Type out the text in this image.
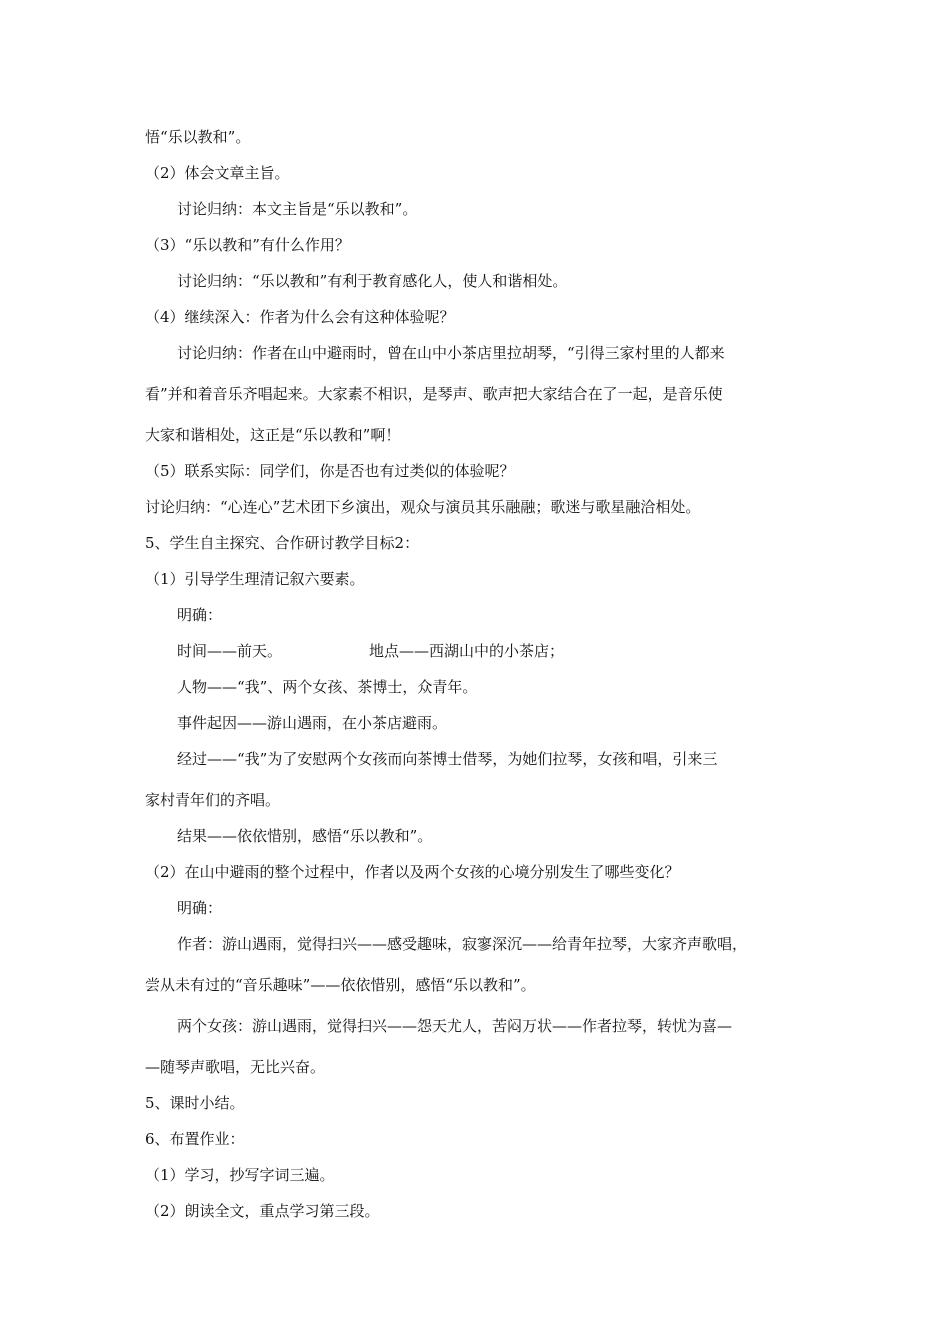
悟“乐以教和”。
（2）体会文章主旨。
讨论归纳：本文主旨是“乐以教和”。
（3）“乐以教和”有什么作用？
讨论归纳：“乐以教和”有利于教育感化人，使人和谐相处。
（4）继续深入：作者为什么会有这种体验呢？
讨论归纳：作者在山中避雨时，曾在山中小茶店里拉胡琴，“引得三家村里的人都来
看”并和着音乐齐唱起来。大家素不相识，是琴声、歌声把大家结合在了一起，是音乐使
大家和谐相处，这正是“乐以教和”啊！
（5）联系实际：同学们，你是否也有过类似的体验呢？
讨论归纳：“心连心”艺术团下乡演出，观众与演员其乐融融；歌迷与歌星融洽相处。
5、学生自主探究、合作研讨教学目标2：
（1）引导学生理清记叙六要素。
明确：
时间——前天。	地点——西湖山中的小茶店；
人物——“我”、两个女孩、茶博士，众青年。
事件起因——游山遇雨，在小茶店避雨。
经过——“我”为了安慰两个女孩而向茶博士借琴，为她们拉琴，女孩和唱，引来三
家村青年们的齐唱。
结果——依依惜别，感悟“乐以教和”。
（2）在山中避雨的整个过程中，作者以及两个女孩的心境分别发生了哪些变化？
明确：
作者：游山遇雨，觉得扫兴——感受趣味，寂寥深沉——给青年拉琴，大家齐声歌唱，
尝从未有过的“音乐趣味”——依依惜别，感悟“乐以教和”。
两个女孩：游山遇雨，觉得扫兴——怨天尤人，苦闷万状——作者拉琴，转忧为喜—
—随琴声歌唱，无比兴奋。
5、课时小结。
6、布置作业：
（1）学习，抄写字词三遍。
（2）朗读全文，重点学习第三段。
